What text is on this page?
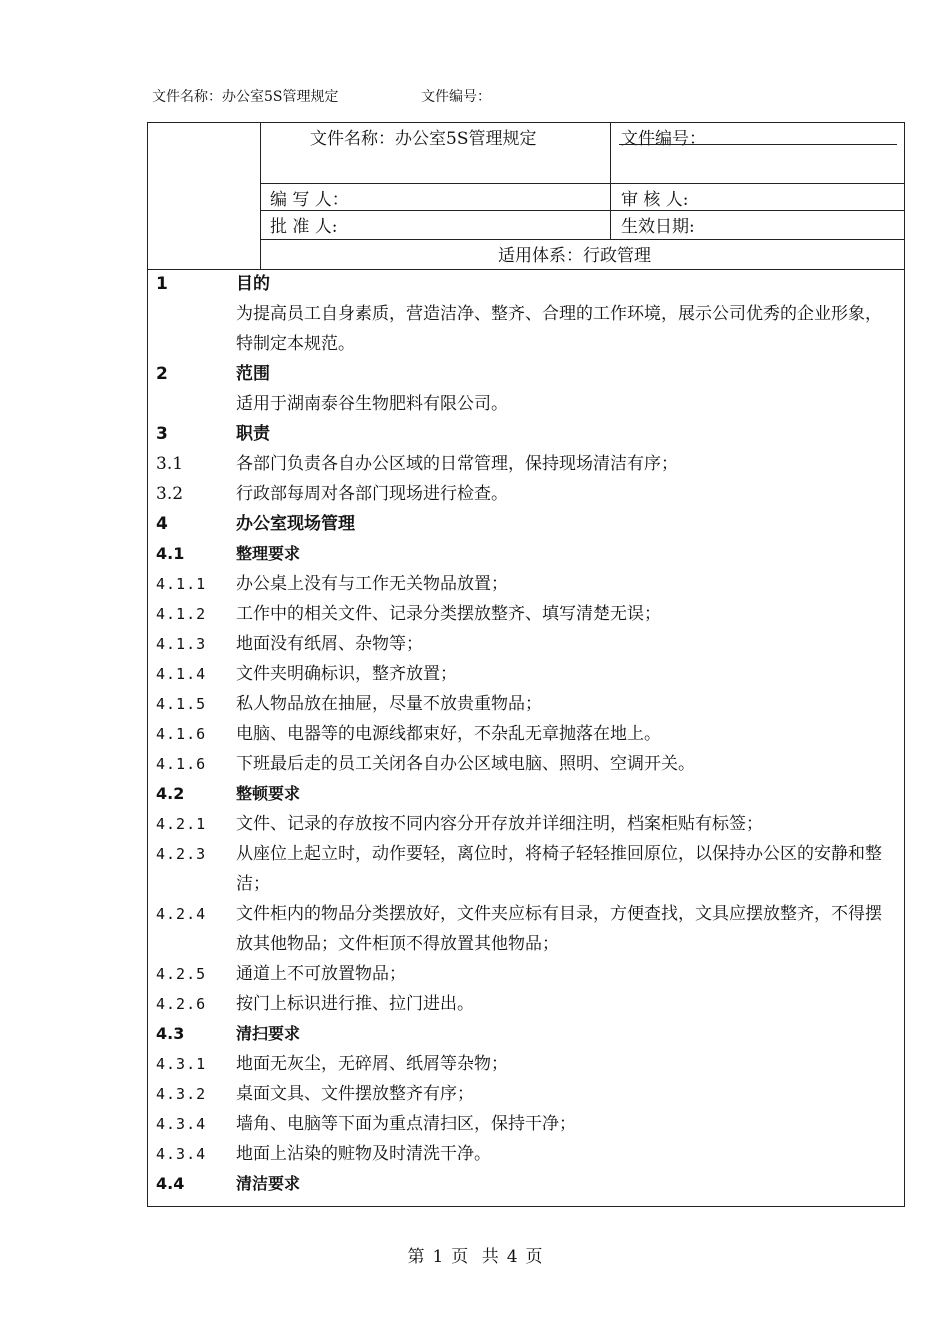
文件名称：办公室5S管理规定	文件编号：
文件名称：办公室5S管理规定	文件编号：
编 写 人：	审 核 人:
批 准 人:	生效日期:
适用体系：行政管理
1	目的
为提高员工自身素质，营造洁净、整齐、合理的工作环境，展示公司优秀的企业形象，特制定本规范。
2	范围
适用于湖南泰谷生物肥料有限公司。
3	职责
3.1	各部门负责各自办公区域的日常管理，保持现场清洁有序；
3.2	行政部每周对各部门现场进行检查。
4	办公室现场管理
4.1	整理要求
4.1.1	办公桌上没有与工作无关物品放置；
4.1.2	工作中的相关文件、记录分类摆放整齐、填写清楚无误；
4.1.3	地面没有纸屑、杂物等；
4.1.4	文件夹明确标识，整齐放置；
4.1.5	私人物品放在抽屉，尽量不放贵重物品；
4.1.6	电脑、电器等的电源线都束好，不杂乱无章抛落在地上。
4.1.6	下班最后走的员工关闭各自办公区域电脑、照明、空调开关。
4.2	整顿要求
4.2.1	文件、记录的存放按不同内容分开存放并详细注明，档案柜贴有标签；
4.2.3	从座位上起立时，动作要轻，离位时，将椅子轻轻推回原位，以保持办公区的安静和整洁；
4.2.4	文件柜内的物品分类摆放好，文件夹应标有目录，方便查找，文具应摆放整齐，不得摆放其他物品；文件柜顶不得放置其他物品；
4.2.5	通道上不可放置物品；
4.2.6	按门上标识进行推、拉门进出。
4.3	清扫要求
4.3.1	地面无灰尘，无碎屑、纸屑等杂物；
4.3.2	桌面文具、文件摆放整齐有序；
4.3.4	墙角、电脑等下面为重点清扫区，保持干净；
4.3.4	地面上沾染的赃物及时清洗干净。
4.4	清洁要求
第 1 页 共 4 页
